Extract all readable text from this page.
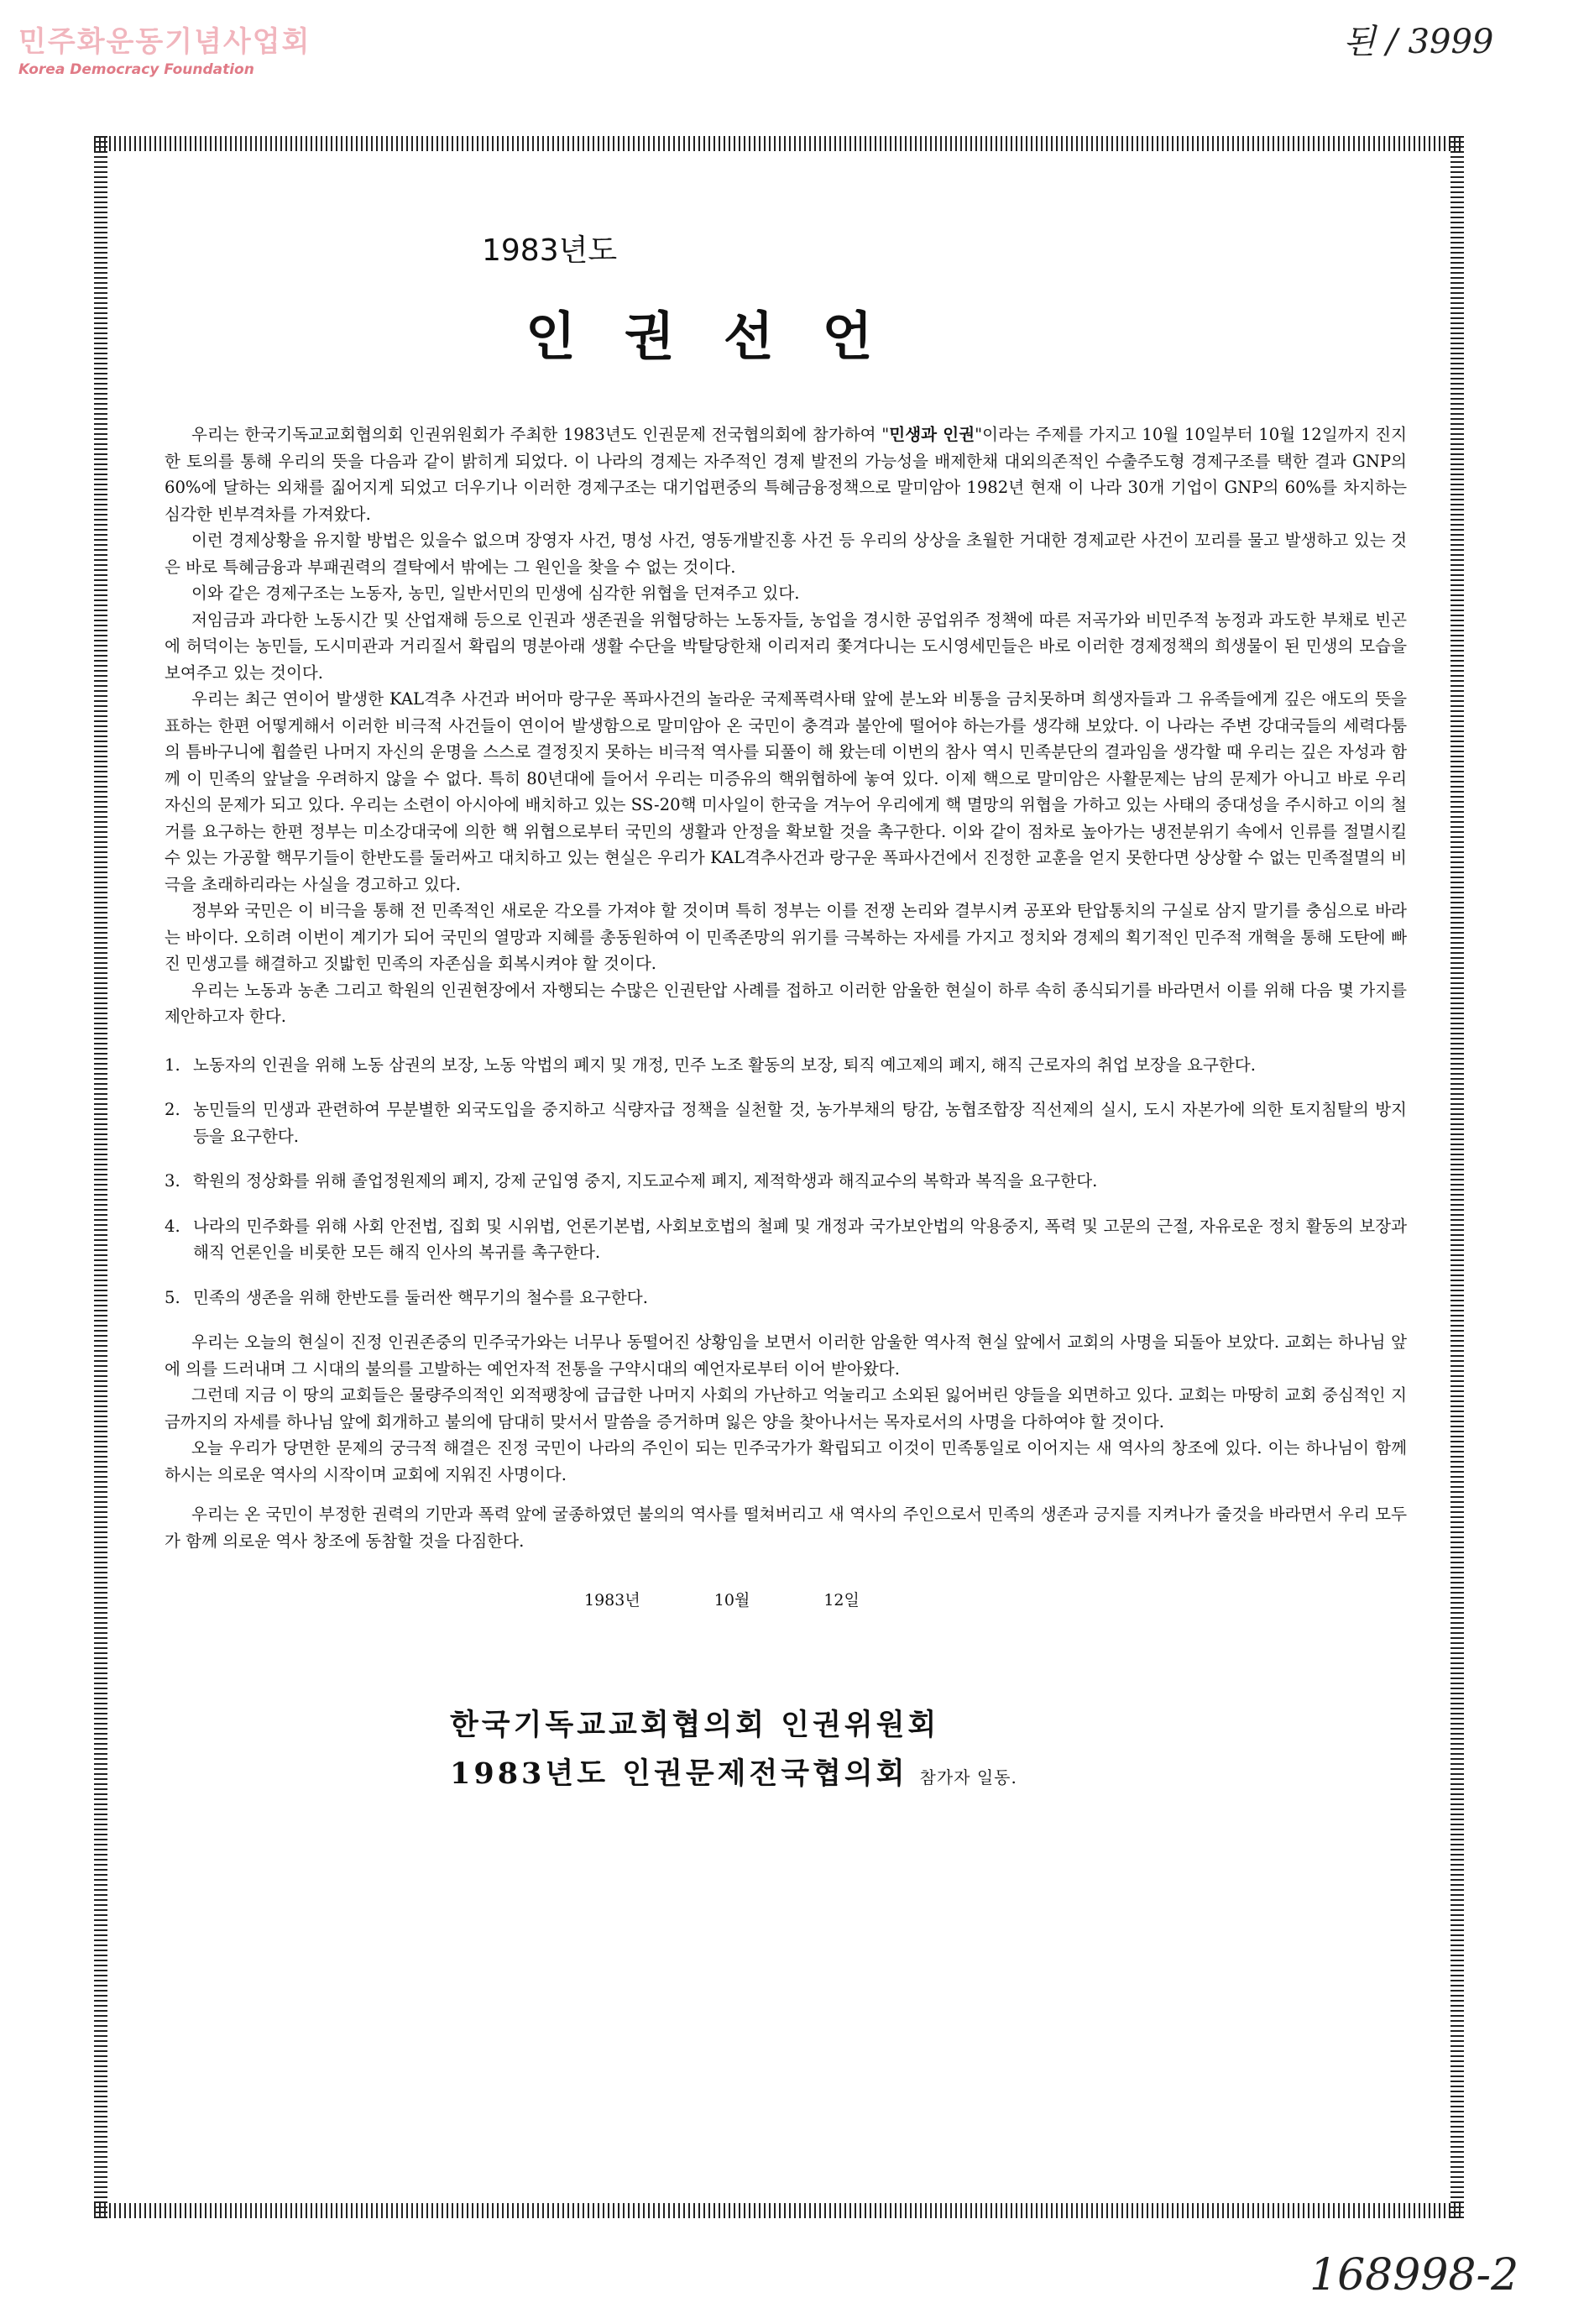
민주화운동기념사업회
Korea Democracy Foundation
된 / 3999
1983년도
인권선언

우리는 한국기독교교회협의회 인권위원회가 주최한 1983년도 인권문제 전국협의회에 참가하여 "민생과 인권"이라는 주제를 가지고 10월 10일부터 10월 12일까지 진지한 토의를 통해 우리의 뜻을 다음과 같이 밝히게 되었다. 이 나라의 경제는 자주적인 경제 발전의 가능성을 배제한채 대외의존적인 수출주도형 경제구조를 택한 결과 GNP의 60%에 달하는 외채를 짊어지게 되었고 더우기나 이러한 경제구조는 대기업편중의 특혜금융정책으로 말미암아 1982년 현재 이 나라 30개 기업이 GNP의 60%를 차지하는 심각한 빈부격차를 가져왔다.

이런 경제상황을 유지할 방법은 있을수 없으며 장영자 사건, 명성 사건, 영동개발진흥 사건 등 우리의 상상을 초월한 거대한 경제교란 사건이 꼬리를 물고 발생하고 있는 것은 바로 특혜금융과 부패권력의 결탁에서 밖에는 그 원인을 찾을 수 없는 것이다.

이와 같은 경제구조는 노동자, 농민, 일반서민의 민생에 심각한 위협을 던져주고 있다.

저임금과 과다한 노동시간 및 산업재해 등으로 인권과 생존권을 위협당하는 노동자들, 농업을 경시한 공업위주 정책에 따른 저곡가와 비민주적 농정과 과도한 부채로 빈곤에 허덕이는 농민들, 도시미관과 거리질서 확립의 명분아래 생활 수단을 박탈당한채 이리저리 쫓겨다니는 도시영세민들은 바로 이러한 경제정책의 희생물이 된 민생의 모습을 보여주고 있는 것이다.

우리는 최근 연이어 발생한 KAL격추 사건과 버어마 랑구운 폭파사건의 놀라운 국제폭력사태 앞에 분노와 비통을 금치못하며 희생자들과 그 유족들에게 깊은 애도의 뜻을 표하는 한편 어떻게해서 이러한 비극적 사건들이 연이어 발생함으로 말미암아 온 국민이 충격과 불안에 떨어야 하는가를 생각해 보았다. 이 나라는 주변 강대국들의 세력다툼의 틈바구니에 휩쓸린 나머지 자신의 운명을 스스로 결정짓지 못하는 비극적 역사를 되풀이 해 왔는데 이번의 참사 역시 민족분단의 결과임을 생각할 때 우리는 깊은 자성과 함께 이 민족의 앞날을 우려하지 않을 수 없다. 특히 80년대에 들어서 우리는 미증유의 핵위협하에 놓여 있다. 이제 핵으로 말미암은 사활문제는 남의 문제가 아니고 바로 우리 자신의 문제가 되고 있다. 우리는 소련이 아시아에 배치하고 있는 SS-20핵 미사일이 한국을 겨누어 우리에게 핵 멸망의 위협을 가하고 있는 사태의 중대성을 주시하고 이의 철거를 요구하는 한편 정부는 미소강대국에 의한 핵 위협으로부터 국민의 생활과 안정을 확보할 것을 촉구한다. 이와 같이 점차로 높아가는 냉전분위기 속에서 인류를 절멸시킬 수 있는 가공할 핵무기들이 한반도를 둘러싸고 대치하고 있는 현실은 우리가 KAL격추사건과 랑구운 폭파사건에서 진정한 교훈을 얻지 못한다면 상상할 수 없는 민족절멸의 비극을 초래하리라는 사실을 경고하고 있다.

정부와 국민은 이 비극을 통해 전 민족적인 새로운 각오를 가져야 할 것이며 특히 정부는 이를 전쟁 논리와 결부시켜 공포와 탄압통치의 구실로 삼지 말기를 충심으로 바라는 바이다. 오히려 이번이 계기가 되어 국민의 열망과 지혜를 총동원하여 이 민족존망의 위기를 극복하는 자세를 가지고 정치와 경제의 획기적인 민주적 개혁을 통해 도탄에 빠진 민생고를 해결하고 짓밟힌 민족의 자존심을 회복시켜야 할 것이다.

우리는 노동과 농촌 그리고 학원의 인권현장에서 자행되는 수많은 인권탄압 사례를 접하고 이러한 암울한 현실이 하루 속히 종식되기를 바라면서 이를 위해 다음 몇 가지를 제안하고자 한다.

1. 노동자의 인권을 위해 노동 삼권의 보장, 노동 악법의 폐지 및 개정, 민주 노조 활동의 보장, 퇴직 예고제의 폐지, 해직 근로자의 취업 보장을 요구한다.
2. 농민들의 민생과 관련하여 무분별한 외국도입을 중지하고 식량자급 정책을 실천할 것, 농가부채의 탕감, 농협조합장 직선제의 실시, 도시 자본가에 의한 토지침탈의 방지 등을 요구한다.
3. 학원의 정상화를 위해 졸업정원제의 폐지, 강제 군입영 중지, 지도교수제 폐지, 제적학생과 해직교수의 복학과 복직을 요구한다.
4. 나라의 민주화를 위해 사회 안전법, 집회 및 시위법, 언론기본법, 사회보호법의 철폐 및 개정과 국가보안법의 악용중지, 폭력 및 고문의 근절, 자유로운 정치 활동의 보장과 해직 언론인을 비롯한 모든 해직 인사의 복귀를 촉구한다.
5. 민족의 생존을 위해 한반도를 둘러싼 핵무기의 철수를 요구한다.

우리는 오늘의 현실이 진정 인권존중의 민주국가와는 너무나 동떨어진 상황임을 보면서 이러한 암울한 역사적 현실 앞에서 교회의 사명을 되돌아 보았다. 교회는 하나님 앞에 의를 드러내며 그 시대의 불의를 고발하는 예언자적 전통을 구약시대의 예언자로부터 이어 받아왔다.

그런데 지금 이 땅의 교회들은 물량주의적인 외적팽창에 급급한 나머지 사회의 가난하고 억눌리고 소외된 잃어버린 양들을 외면하고 있다. 교회는 마땅히 교회 중심적인 지금까지의 자세를 하나님 앞에 회개하고 불의에 담대히 맞서서 말씀을 증거하며 잃은 양을 찾아나서는 목자로서의 사명을 다하여야 할 것이다.

오늘 우리가 당면한 문제의 궁극적 해결은 진정 국민이 나라의 주인이 되는 민주국가가 확립되고 이것이 민족통일로 이어지는 새 역사의 창조에 있다. 이는 하나님이 함께하시는 의로운 역사의 시작이며 교회에 지워진 사명이다.

우리는 온 국민이 부정한 권력의 기만과 폭력 앞에 굴종하였던 불의의 역사를 떨쳐버리고 새 역사의 주인으로서 민족의 생존과 긍지를 지켜나가 줄것을 바라면서 우리 모두가 함께 의로운 역사 창조에 동참할 것을 다짐한다.

1983년	10월	12일
한국기독교교회협의회 인권위원회
1983년도 인권문제전국협의회 참가자 일동.
168998-2
